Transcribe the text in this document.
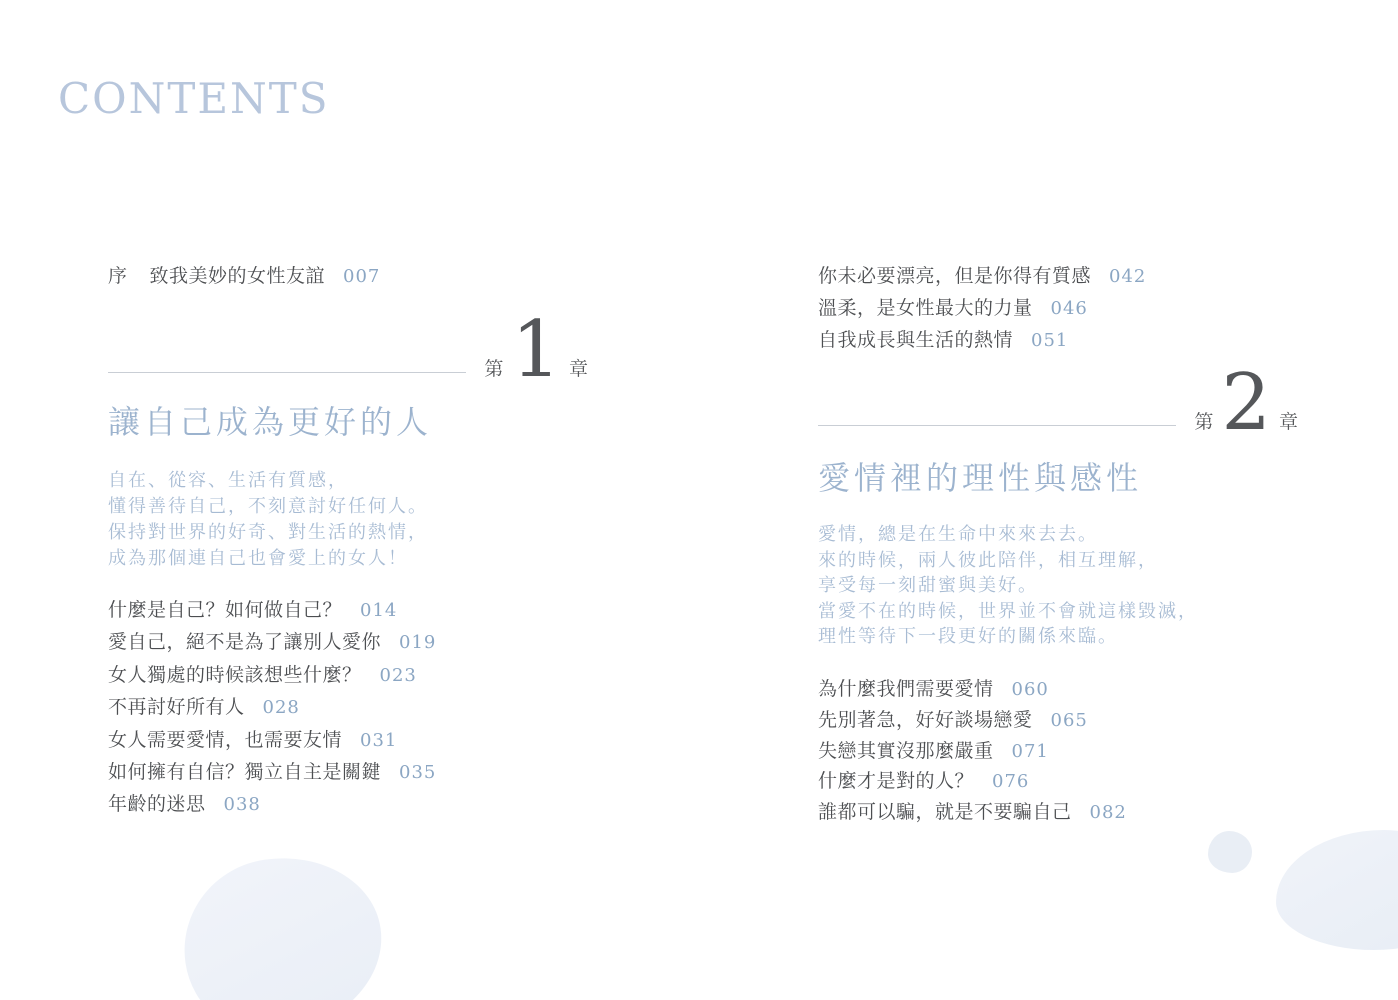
CONTENTS
序 致我美妙的女性友誼 007
第 1 章
讓自己成為更好的人
自在、從容、生活有質感，
懂得善待自己，不刻意討好任何人。
保持對世界的好奇、對生活的熱情，
成為那個連自己也會愛上的女人！
什麼是自己？如何做自己？ 014
愛自己，絕不是為了讓別人愛你 019
女人獨處的時候該想些什麼？ 023
不再討好所有人 028
女人需要愛情，也需要友情 031
如何擁有自信？獨立自主是關鍵 035
年齡的迷思 038
你未必要漂亮，但是你得有質感 042
溫柔，是女性最大的力量 046
自我成長與生活的熱情 051
第 2 章
愛情裡的理性與感性
愛情，總是在生命中來來去去。
來的時候，兩人彼此陪伴，相互理解，
享受每一刻甜蜜與美好。
當愛不在的時候，世界並不會就這樣毀滅，
理性等待下一段更好的關係來臨。
為什麼我們需要愛情 060
先別著急，好好談場戀愛 065
失戀其實沒那麼嚴重 071
什麼才是對的人？ 076
誰都可以騙，就是不要騙自己 082
